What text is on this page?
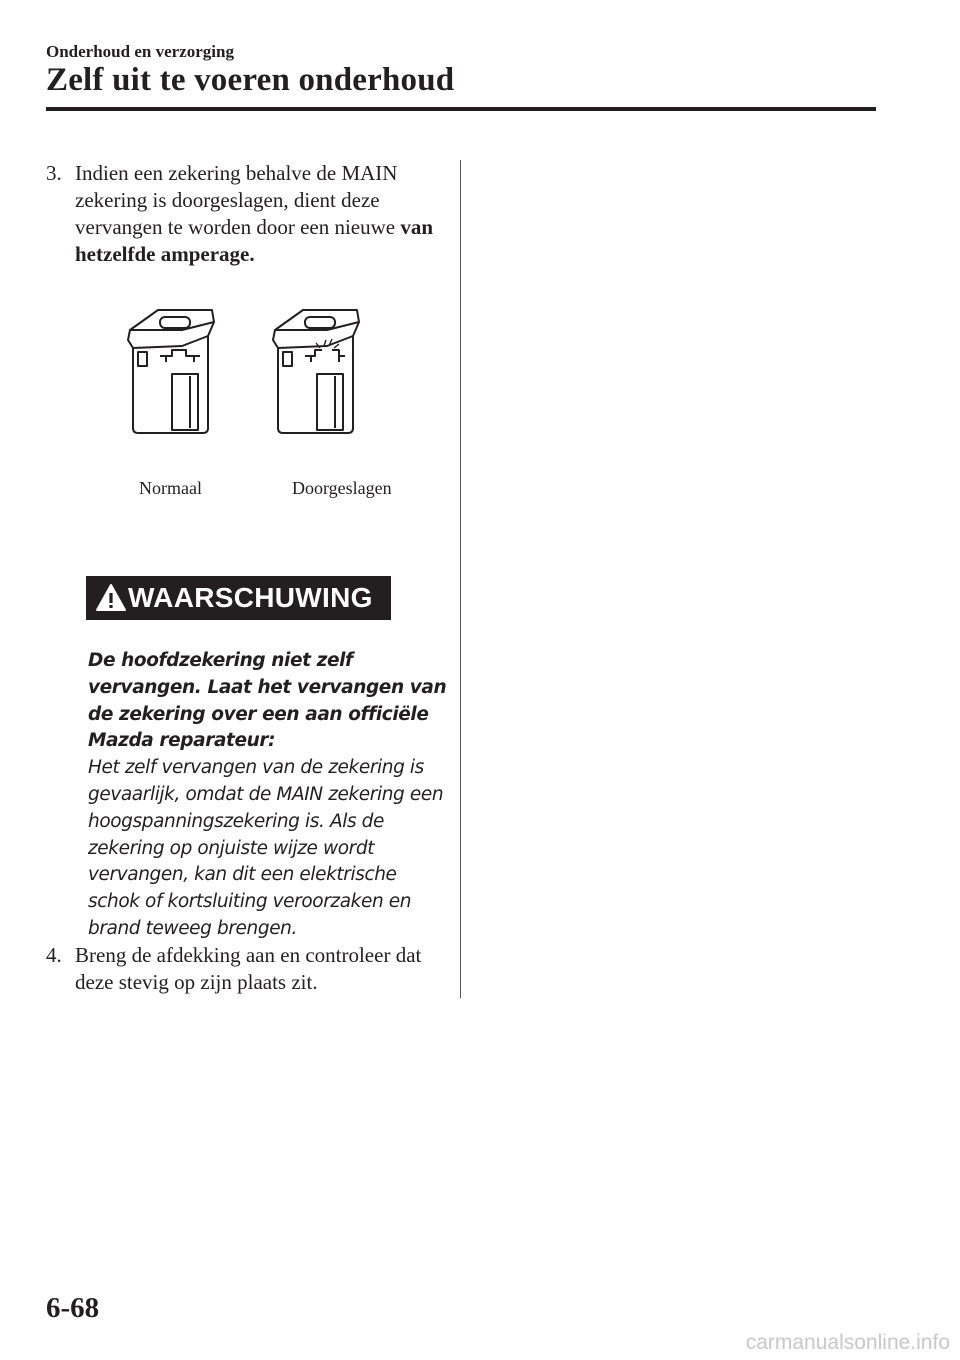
Onderhoud en verzorging
Zelf uit te voeren onderhoud
3. Indien een zekering behalve de MAIN zekering is doorgeslagen, dient deze vervangen te worden door een nieuwe van hetzelfde amperage.
Normaal	Doorgeslagen
WAARSCHUWING
De hoofdzekering niet zelf vervangen. Laat het vervangen van de zekering over een aan officiële Mazda reparateur:
Het zelf vervangen van de zekering is gevaarlijk, omdat de MAIN zekering een hoogspanningszekering is. Als de zekering op onjuiste wijze wordt vervangen, kan dit een elektrische schok of kortsluiting veroorzaken en brand teweeg brengen.
4. Breng de afdekking aan en controleer dat deze stevig op zijn plaats zit.
6-68
carmanualsonline.info
